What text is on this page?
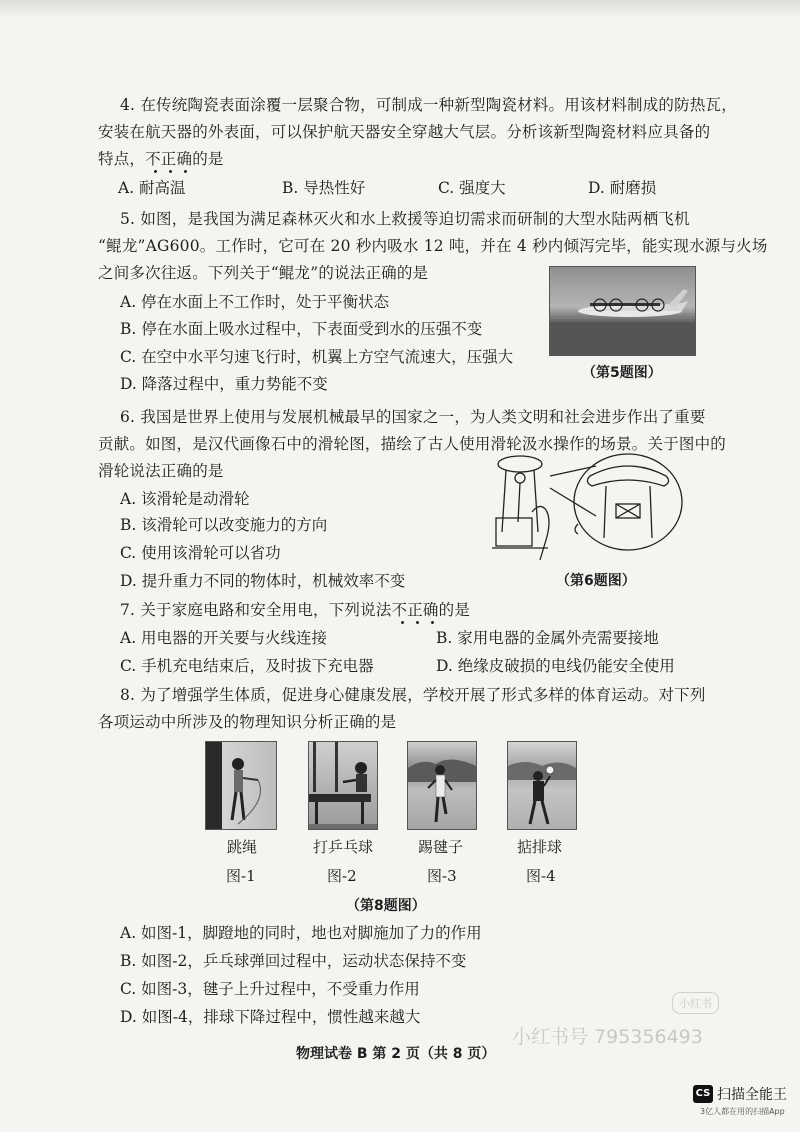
4. 在传统陶瓷表面涂覆一层聚合物，可制成一种新型陶瓷材料。用该材料制成的防热瓦，
安装在航天器的外表面，可以保护航天器安全穿越大气层。分析该新型陶瓷材料应具备的
特点，不正确的是
A. 耐高温	B. 导热性好	C. 强度大	D. 耐磨损
5. 如图，是我国为满足森林灭火和水上救援等迫切需求而研制的大型水陆两栖飞机
“鲲龙”AG600。工作时，它可在 20 秒内吸水 12 吨，并在 4 秒内倾泻完毕，能实现水源与火场
之间多次往返。下列关于“鲲龙”的说法正确的是
A. 停在水面上不工作时，处于平衡状态
B. 停在水面上吸水过程中，下表面受到水的压强不变
C. 在空中水平匀速飞行时，机翼上方空气流速大，压强大
D. 降落过程中，重力势能不变
（第5题图）
6. 我国是世界上使用与发展机械最早的国家之一，为人类文明和社会进步作出了重要
贡献。如图，是汉代画像石中的滑轮图，描绘了古人使用滑轮汲水操作的场景。关于图中的
滑轮说法正确的是
A. 该滑轮是动滑轮
B. 该滑轮可以改变施力的方向
C. 使用该滑轮可以省功
D. 提升重力不同的物体时，机械效率不变	（第6题图）
7. 关于家庭电路和安全用电，下列说法不正确的是
A. 用电器的开关要与火线连接	B. 家用电器的金属外壳需要接地
C. 手机充电结束后，及时拔下充电器	D. 绝缘皮破损的电线仍能安全使用
8. 为了增强学生体质，促进身心健康发展，学校开展了形式多样的体育运动。对下列
各项运动中所涉及的物理知识分析正确的是
跳绳	打乒乓球	踢毽子	掂排球
图-1	图-2	图-3	图-4
（第8题图）
A. 如图-1，脚蹬地的同时，地也对脚施加了力的作用
B. 如图-2，乒乓球弹回过程中，运动状态保持不变
C. 如图-3，毽子上升过程中，不受重力作用
D. 如图-4，排球下降过程中，惯性越来越大
小红书
小红书号 795356493
物理试卷 B 第 2 页（共 8 页）
CS 扫描全能王
3亿人都在用的扫描App
